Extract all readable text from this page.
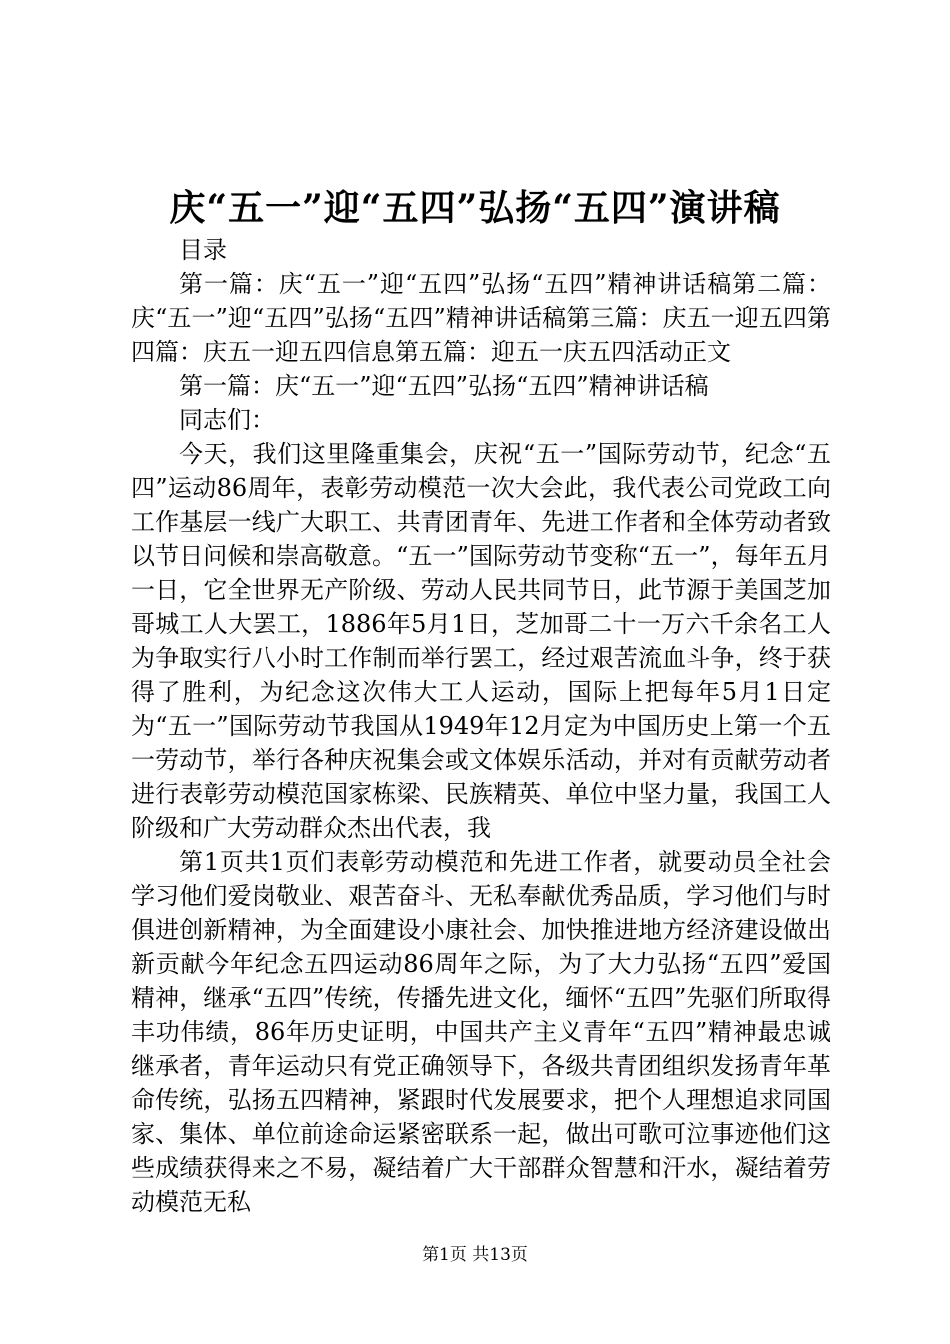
庆“五一”迎“五四”弘扬“五四”演讲稿

目录

第一篇：庆“五一”迎“五四”弘扬“五四”精神讲话稿第二篇：庆“五一”迎“五四”弘扬“五四”精神讲话稿第三篇：庆五一迎五四第四篇：庆五一迎五四信息第五篇：迎五一庆五四活动正文

第一篇：庆“五一”迎“五四”弘扬“五四”精神讲话稿

同志们：

今天，我们这里隆重集会，庆祝“五一”国际劳动节，纪念“五四”运动86周年，表彰劳动模范一次大会此，我代表公司党政工向工作基层一线广大职工、共青团青年、先进工作者和全体劳动者致以节日问候和崇高敬意。“五一”国际劳动节变称“五一”，每年五月一日，它全世界无产阶级、劳动人民共同节日，此节源于美国芝加哥城工人大罢工，1886年5月1日，芝加哥二十一万六千余名工人为争取实行八小时工作制而举行罢工，经过艰苦流血斗争，终于获得了胜利，为纪念这次伟大工人运动，国际上把每年5月1日定为“五一”国际劳动节我国从1949年12月定为中国历史上第一个五一劳动节，举行各种庆祝集会或文体娱乐活动，并对有贡献劳动者进行表彰劳动模范国家栋梁、民族精英、单位中坚力量，我国工人阶级和广大劳动群众杰出代表，我

第1页共1页们表彰劳动模范和先进工作者，就要动员全社会学习他们爱岗敬业、艰苦奋斗、无私奉献优秀品质，学习他们与时俱进创新精神，为全面建设小康社会、加快推进地方经济建设做出新贡献今年纪念五四运动86周年之际，为了大力弘扬“五四”爱国精神，继承“五四”传统，传播先进文化，缅怀“五四”先驱们所取得丰功伟绩，86年历史证明，中国共产主义青年“五四”精神最忠诚继承者，青年运动只有党正确领导下，各级共青团组织发扬青年革命传统，弘扬五四精神，紧跟时代发展要求，把个人理想追求同国家、集体、单位前途命运紧密联系一起，做出可歌可泣事迹他们这些成绩获得来之不易，凝结着广大干部群众智慧和汗水，凝结着劳动模范无私

第1页 共13页
